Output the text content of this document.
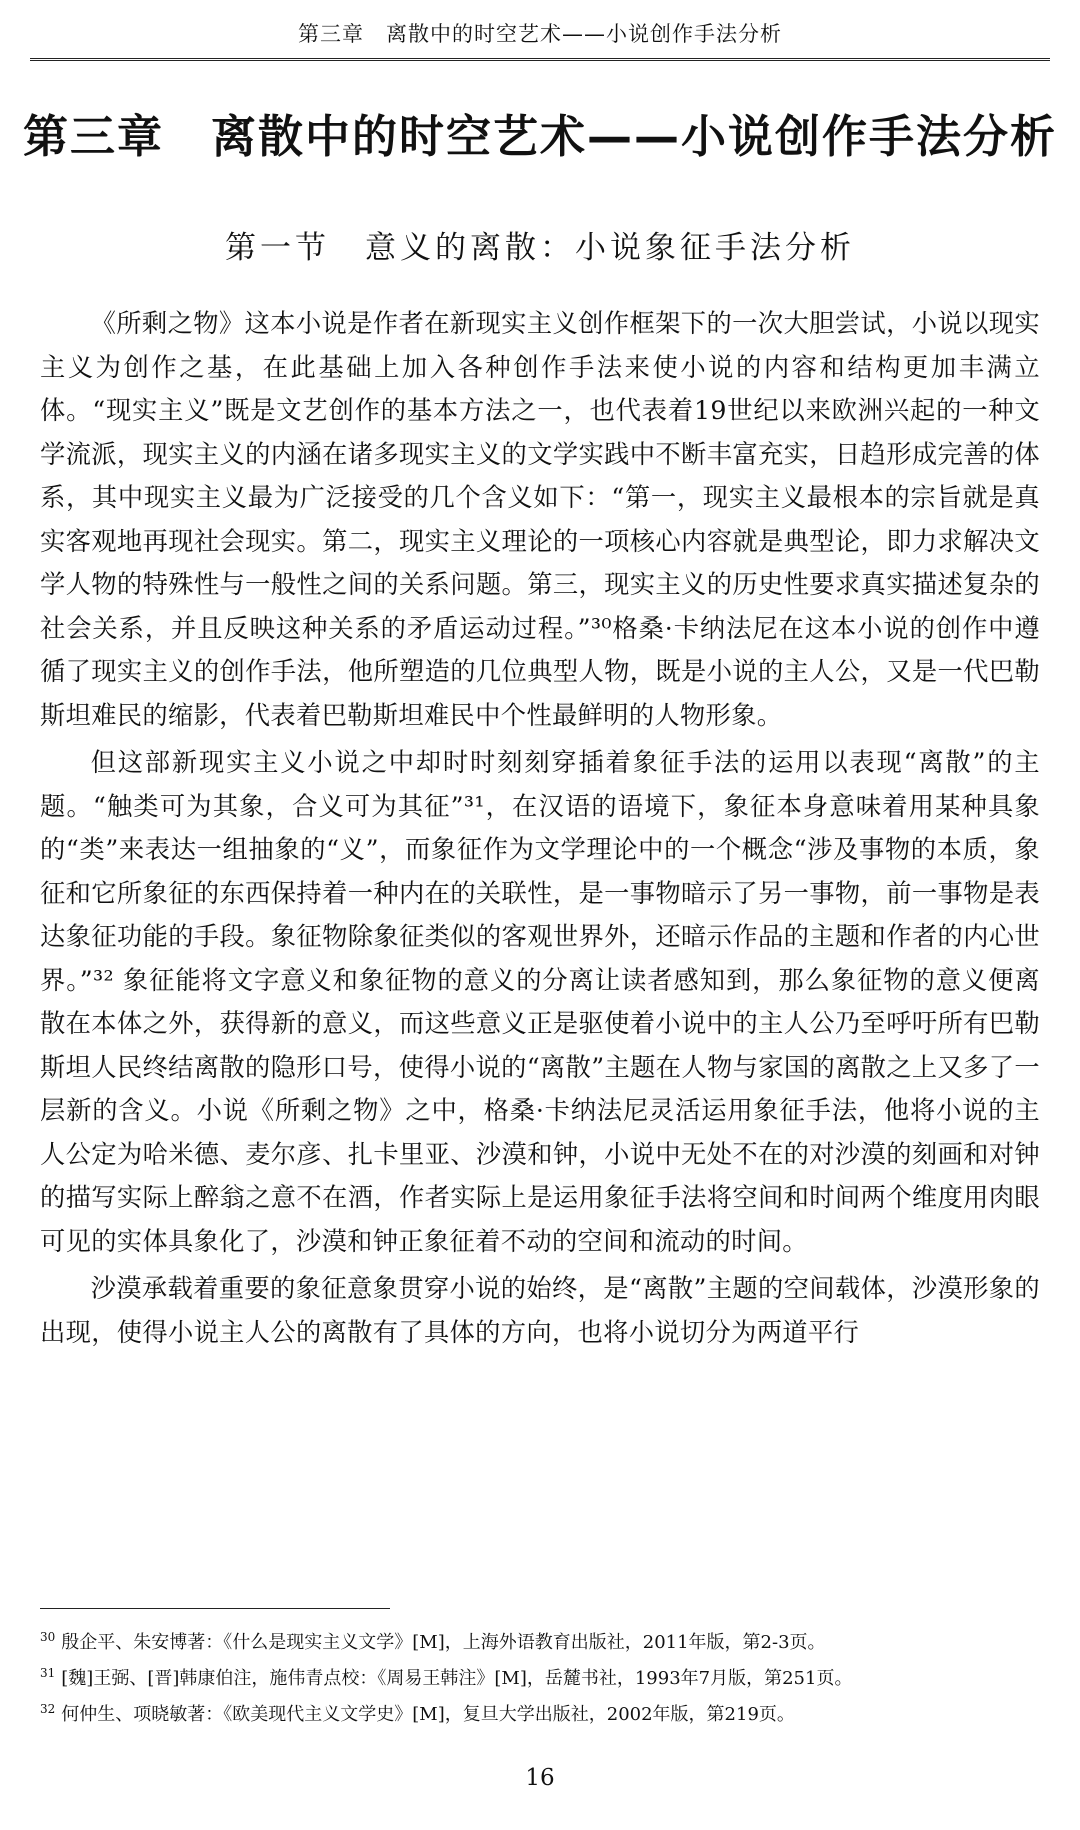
第三章　离散中的时空艺术——小说创作手法分析
第三章　离散中的时空艺术——小说创作手法分析
第一节　意义的离散：小说象征手法分析

《所剩之物》这本小说是作者在新现实主义创作框架下的一次大胆尝试，小说以现实主义为创作之基，在此基础上加入各种创作手法来使小说的内容和结构更加丰满立体。“现实主义”既是文艺创作的基本方法之一，也代表着19世纪以来欧洲兴起的一种文学流派，现实主义的内涵在诸多现实主义的文学实践中不断丰富充实，日趋形成完善的体系，其中现实主义最为广泛接受的几个含义如下：“第一，现实主义最根本的宗旨就是真实客观地再现社会现实。第二，现实主义理论的一项核心内容就是典型论，即力求解决文学人物的特殊性与一般性之间的关系问题。第三，现实主义的历史性要求真实描述复杂的社会关系，并且反映这种关系的矛盾运动过程。”³⁰格桑·卡纳法尼在这本小说的创作中遵循了现实主义的创作手法，他所塑造的几位典型人物，既是小说的主人公，又是一代巴勒斯坦难民的缩影，代表着巴勒斯坦难民中个性最鲜明的人物形象。

但这部新现实主义小说之中却时时刻刻穿插着象征手法的运用以表现“离散”的主题。“触类可为其象，合义可为其征”³¹，在汉语的语境下，象征本身意味着用某种具象的“类”来表达一组抽象的“义”，而象征作为文学理论中的一个概念“涉及事物的本质，象征和它所象征的东西保持着一种内在的关联性，是一事物暗示了另一事物，前一事物是表达象征功能的手段。象征物除象征类似的客观世界外，还暗示作品的主题和作者的内心世界。”³² 象征能将文字意义和象征物的意义的分离让读者感知到，那么象征物的意义便离散在本体之外，获得新的意义，而这些意义正是驱使着小说中的主人公乃至呼吁所有巴勒斯坦人民终结离散的隐形口号，使得小说的“离散”主题在人物与家国的离散之上又多了一层新的含义。小说《所剩之物》之中，格桑·卡纳法尼灵活运用象征手法，他将小说的主人公定为哈米德、麦尔彦、扎卡里亚、沙漠和钟，小说中无处不在的对沙漠的刻画和对钟的描写实际上醉翁之意不在酒，作者实际上是运用象征手法将空间和时间两个维度用肉眼可见的实体具象化了，沙漠和钟正象征着不动的空间和流动的时间。

沙漠承载着重要的象征意象贯穿小说的始终，是“离散”主题的空间载体，沙漠形象的出现，使得小说主人公的离散有了具体的方向，也将小说切分为两道平行

$^{30}$ 殷企平、朱安博著：《什么是现实主义文学》[M]，上海外语教育出版社，2011年版，第2-3页。
$^{31}$ [魏]王弼、[晋]韩康伯注，施伟青点校：《周易王韩注》[M]，岳麓书社，1993年7月版，第251页。
$^{32}$ 何仲生、项晓敏著：《欧美现代主义文学史》[M]，复旦大学出版社，2002年版，第219页。
16
